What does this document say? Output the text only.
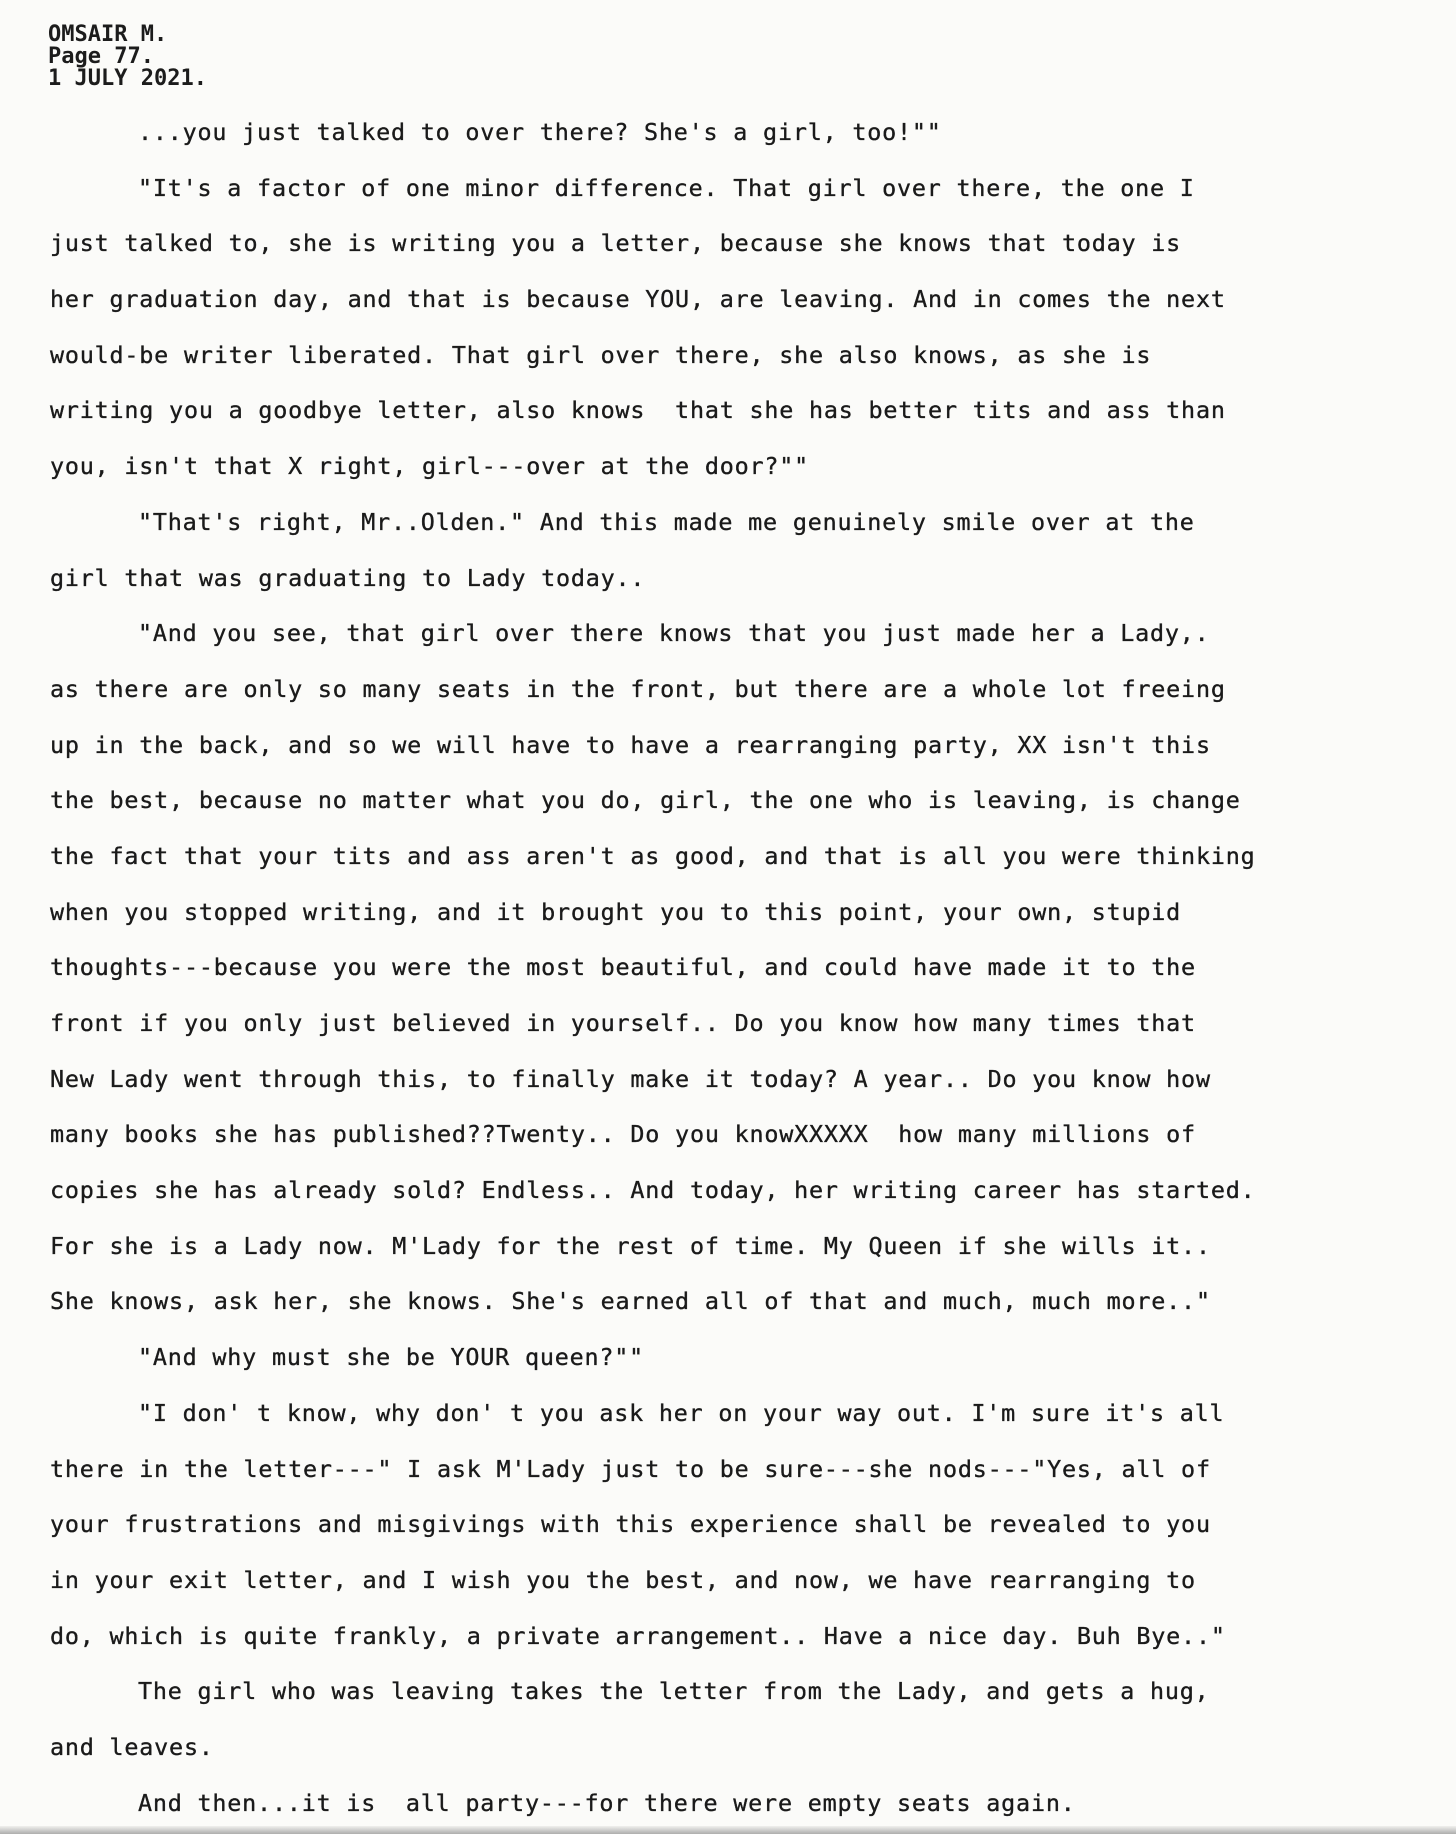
OMSAIR M.
Page 77.
1 JULY 2021.
...you just talked to over there? She's a girl, too!""
"It's a factor of one minor difference. That girl over there, the one I
just talked to, she is writing you a letter, because she knows that today is
her graduation day, and that is because YOU, are leaving. And in comes the next
would-be writer liberated. That girl over there, she also knows, as she is
writing you a goodbye letter, also knows  that she has better tits and ass than
you, isn't that X right, girl---over at the door?""
"That's right, Mr..Olden." And this made me genuinely smile over at the
girl that was graduating to Lady today..
"And you see, that girl over there knows that you just made her a Lady,.
as there are only so many seats in the front, but there are a whole lot freeing
up in the back, and so we will have to have a rearranging party, XX isn't this
the best, because no matter what you do, girl, the one who is leaving, is change
the fact that your tits and ass aren't as good, and that is all you were thinking
when you stopped writing, and it brought you to this point, your own, stupid
thoughts---because you were the most beautiful, and could have made it to the
front if you only just believed in yourself.. Do you know how many times that
New Lady went through this, to finally make it today? A year.. Do you know how
many books she has published??Twenty.. Do you knowXXXXX  how many millions of
copies she has already sold? Endless.. And today, her writing career has started.
For she is a Lady now. M'Lady for the rest of time. My Queen if she wills it..
She knows, ask her, she knows. She's earned all of that and much, much more.."
"And why must she be YOUR queen?""
"I don' t know, why don' t you ask her on your way out. I'm sure it's all
there in the letter---" I ask M'Lady just to be sure---she nods---"Yes, all of
your frustrations and misgivings with this experience shall be revealed to you
in your exit letter, and I wish you the best, and now, we have rearranging to
do, which is quite frankly, a private arrangement.. Have a nice day. Buh Bye.."
The girl who was leaving takes the letter from the Lady, and gets a hug,
and leaves.
And then...it is  all party---for there were empty seats again.
